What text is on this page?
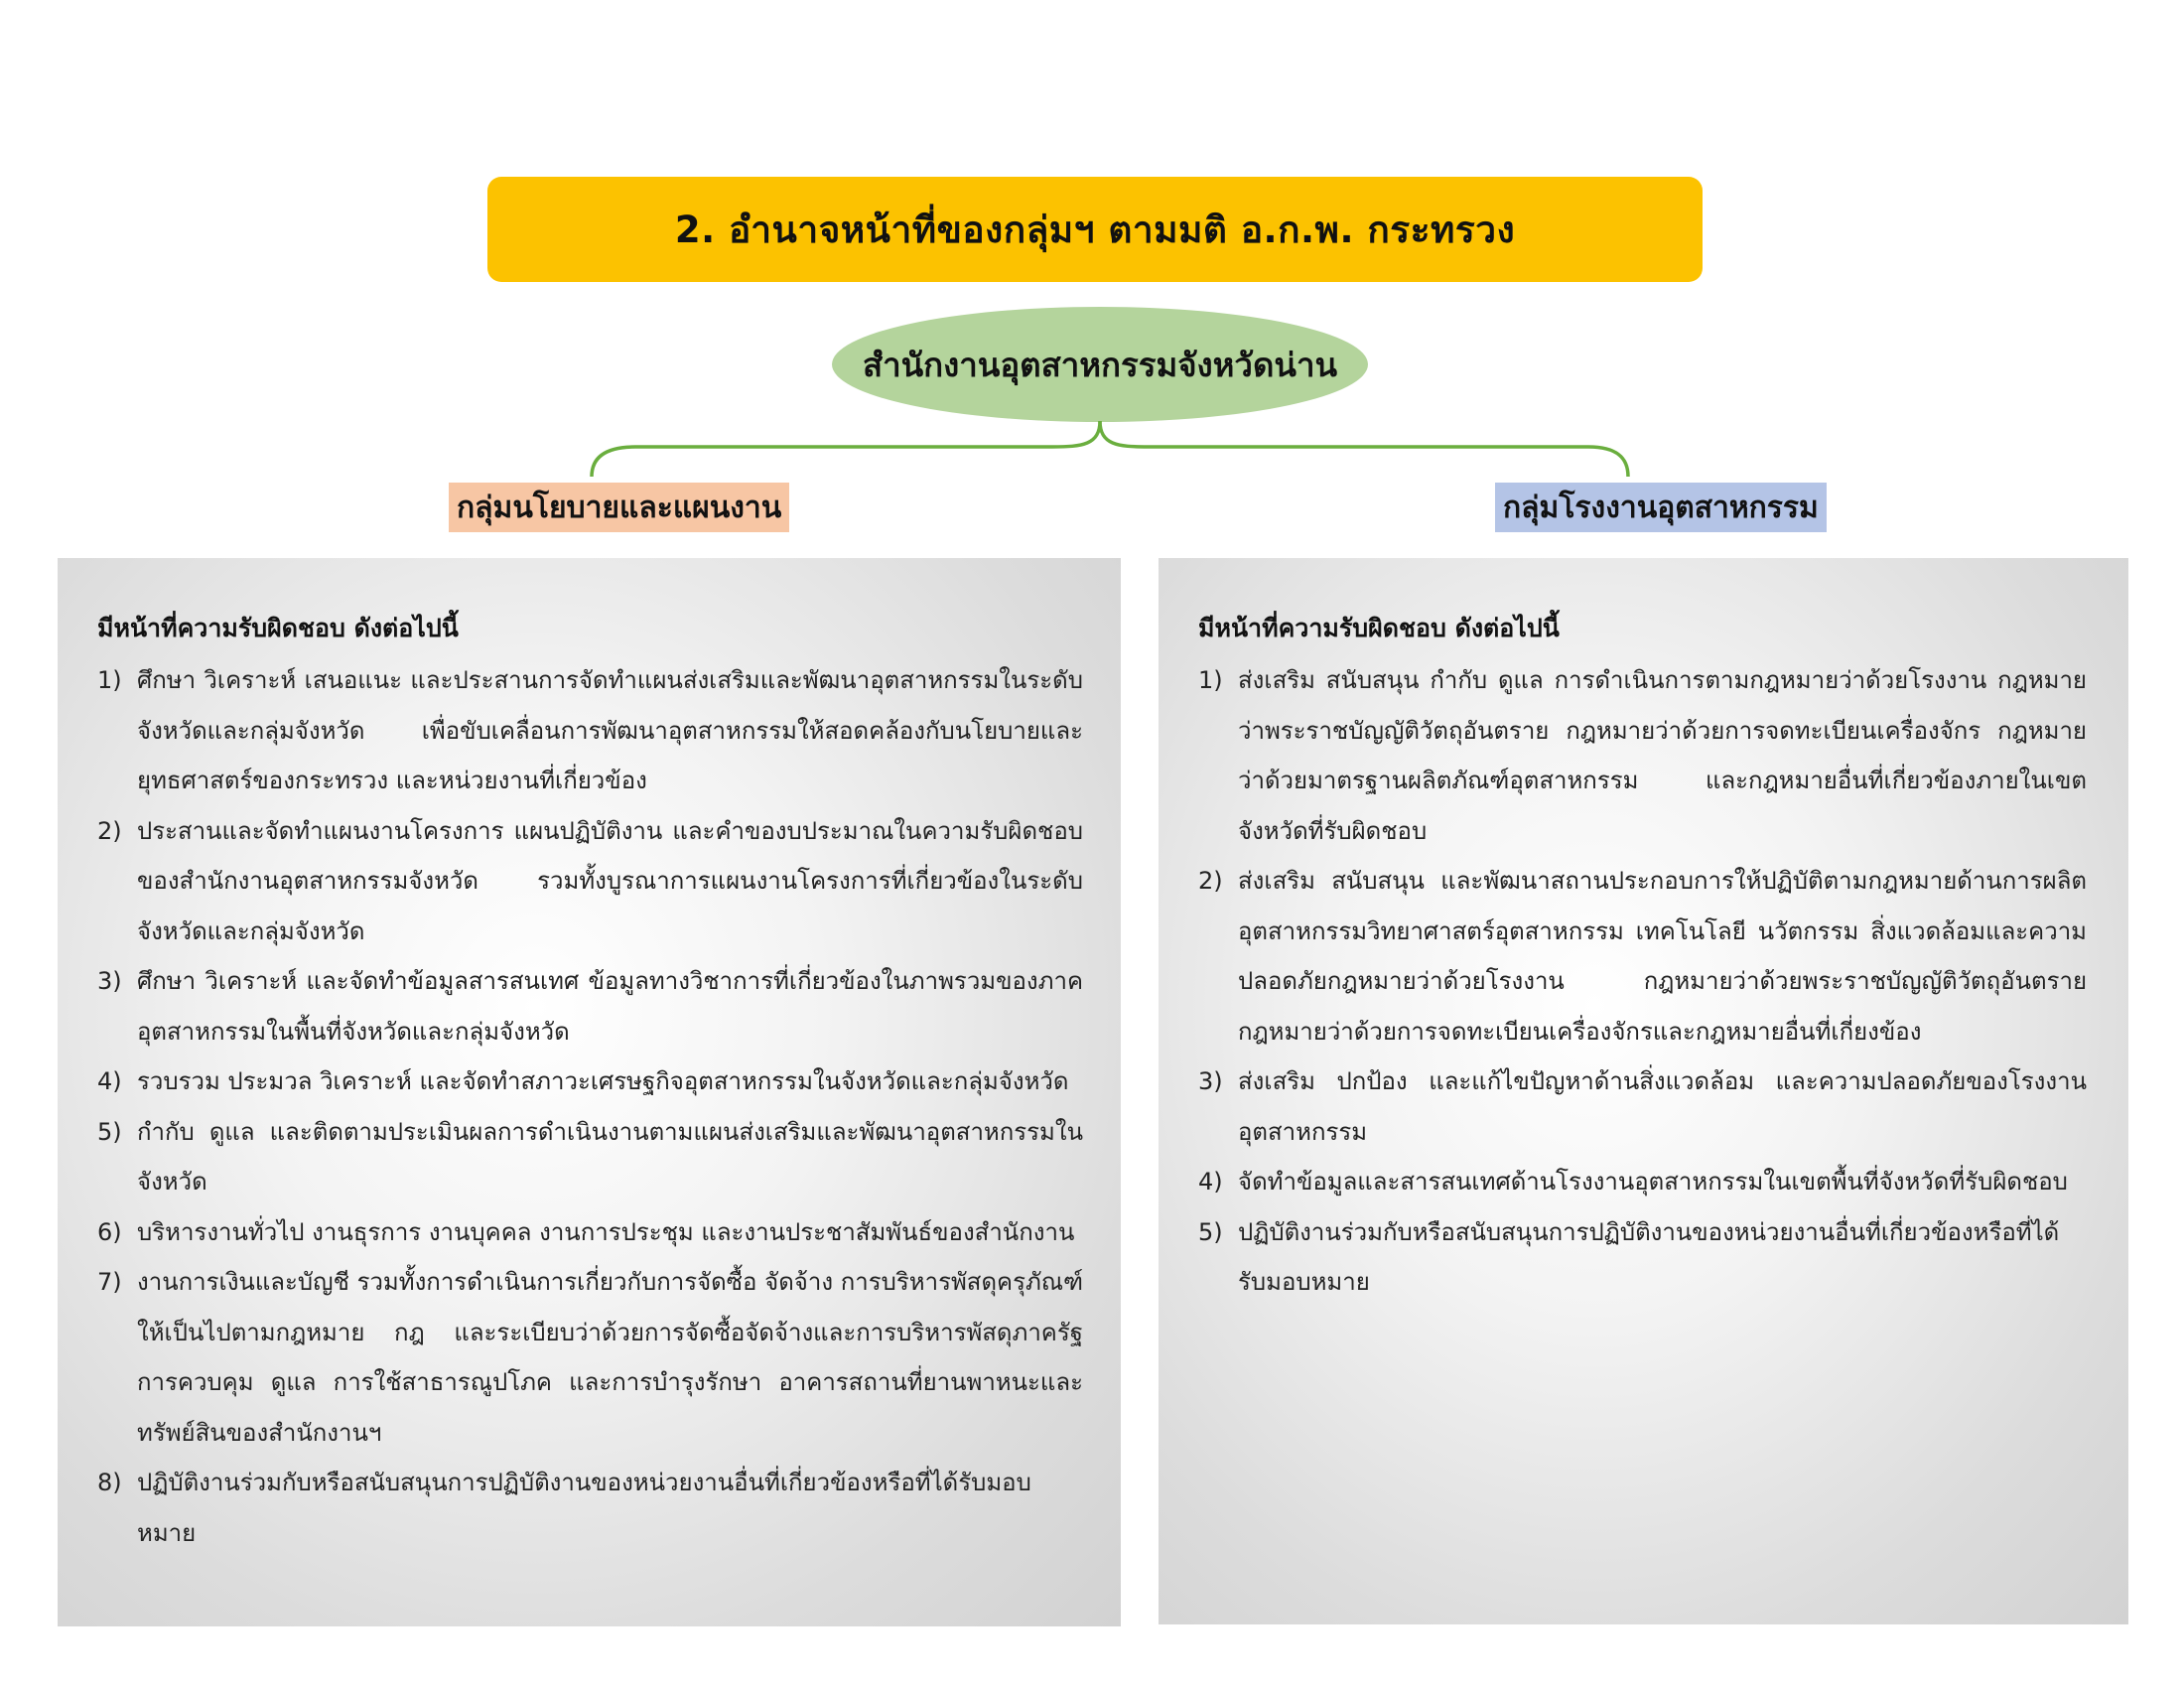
2. อำนาจหน้าที่ของกลุ่มฯ ตามมติ อ.ก.พ. กระทรวง
สำนักงานอุตสาหกรรมจังหวัดน่าน
กลุ่มนโยบายและแผนงาน	กลุ่มโรงงานอุตสาหกรรม
มีหน้าที่ความรับผิดชอบ ดังต่อไปนี้
1) ศึกษา วิเคราะห์ เสนอแนะ และประสานการจัดทำแผนส่งเสริมและพัฒนาอุตสาหกรรมในระดับจังหวัดและกลุ่มจังหวัด เพื่อขับเคลื่อนการพัฒนาอุตสาหกรรมให้สอดคล้องกับนโยบายและยุทธศาสตร์ของกระทรวง และหน่วยงานที่เกี่ยวข้อง
2) ประสานและจัดทำแผนงานโครงการ แผนปฏิบัติงาน และคำของบประมาณในความรับผิดชอบของสำนักงานอุตสาหกรรมจังหวัด รวมทั้งบูรณาการแผนงานโครงการที่เกี่ยวข้องในระดับจังหวัดและกลุ่มจังหวัด
3) ศึกษา วิเคราะห์ และจัดทำข้อมูลสารสนเทศ ข้อมูลทางวิชาการที่เกี่ยวข้องในภาพรวมของภาคอุตสาหกรรมในพื้นที่จังหวัดและกลุ่มจังหวัด
4) รวบรวม ประมวล วิเคราะห์ และจัดทำสภาวะเศรษฐกิจอุตสาหกรรมในจังหวัดและกลุ่มจังหวัด
5) กำกับ ดูแล และติดตามประเมินผลการดำเนินงานตามแผนส่งเสริมและพัฒนาอุตสาหกรรมในจังหวัด
6) บริหารงานทั่วไป งานธุรการ งานบุคคล งานการประชุม และงานประชาสัมพันธ์ของสำนักงาน
7) งานการเงินและบัญชี รวมทั้งการดำเนินการเกี่ยวกับการจัดซื้อ จัดจ้าง การบริหารพัสดุครุภัณฑ์ ให้เป็นไปตามกฎหมาย กฎ และระเบียบว่าด้วยการจัดซื้อจัดจ้างและการบริหารพัสดุภาครัฐ การควบคุม ดูแล การใช้สาธารณูปโภค และการบำรุงรักษา อาคารสถานที่ยานพาหนะและทรัพย์สินของสำนักงานฯ
8) ปฏิบัติงานร่วมกับหรือสนับสนุนการปฏิบัติงานของหน่วยงานอื่นที่เกี่ยวข้องหรือที่ได้รับมอบหมาย
มีหน้าที่ความรับผิดชอบ ดังต่อไปนี้
1) ส่งเสริม สนับสนุน กำกับ ดูแล การดำเนินการตามกฎหมายว่าด้วยโรงงาน กฎหมายว่าพระราชบัญญัติวัตถุอันตราย กฎหมายว่าด้วยการจดทะเบียนเครื่องจักร กฎหมายว่าด้วยมาตรฐานผลิตภัณฑ์อุตสาหกรรม และกฎหมายอื่นที่เกี่ยวข้องภายในเขตจังหวัดที่รับผิดชอบ
2) ส่งเสริม สนับสนุน และพัฒนาสถานประกอบการให้ปฏิบัติตามกฎหมายด้านการผลิตอุตสาหกรรมวิทยาศาสตร์อุตสาหกรรม เทคโนโลยี นวัตกรรม สิ่งแวดล้อมและความปลอดภัยกฎหมายว่าด้วยโรงงาน กฎหมายว่าด้วยพระราชบัญญัติวัตถุอันตรายกฎหมายว่าด้วยการจดทะเบียนเครื่องจักรและกฎหมายอื่นที่เกี่ยงข้อง
3) ส่งเสริม ปกป้อง และแก้ไขปัญหาด้านสิ่งแวดล้อม และความปลอดภัยของโรงงานอุตสาหกรรม
4) จัดทำข้อมูลและสารสนเทศด้านโรงงานอุตสาหกรรมในเขตพื้นที่จังหวัดที่รับผิดชอบ
5) ปฏิบัติงานร่วมกับหรือสนับสนุนการปฏิบัติงานของหน่วยงานอื่นที่เกี่ยวข้องหรือที่ได้รับมอบหมาย
